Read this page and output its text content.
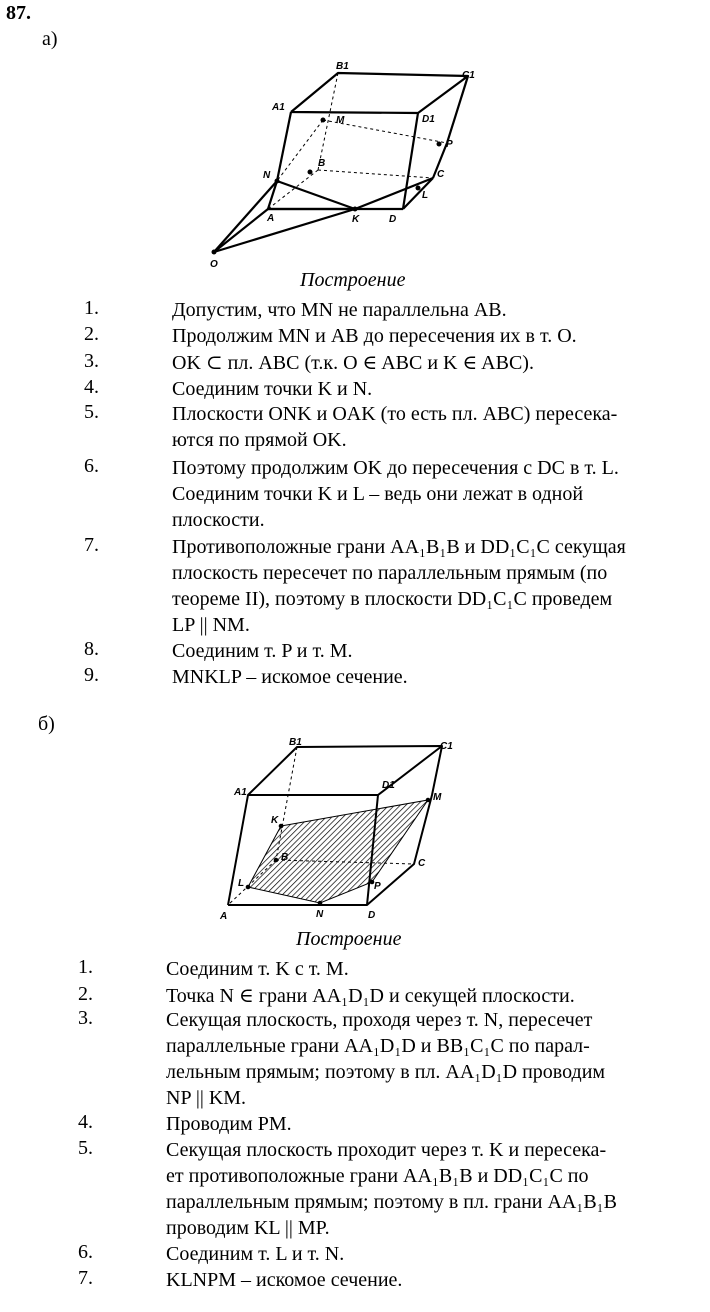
87.
а)
B1
C1
A1
D1
M
P
B
N	C
L
A	K	D
O
Построение
1.	Допустим, что MN не параллельна AB.
2.	Продолжим MN и AB до пересечения их в т. O.
3.	OK ⊂ пл. ABC (т.к. O ∈ ABC и K ∈ ABC).
4.	Соединим точки K и N.
5.	Плоскости ONK и OAK (то есть пл. ABC) пересека-
ются по прямой OK.
6.	Поэтому продолжим OK до пересечения с DC в т. L.
Соединим точки K и L – ведь они лежат в одной
плоскости.
7.	Противоположные грани AA₁B₁B и DD₁C₁C секущая
плоскость пересечет по параллельным прямым (по
теореме II), поэтому в плоскости DD₁C₁C проведем
LP || NM.
8.	Соединим т. P и т. M.
9.	MNKLP – искомое сечение.
б)
B1	C1
A1
D1
M
K
B
C
L	P
A	N	D
Построение
1.	Соединим т. K с т. M.
2.	Точка N ∈ грани AA₁D₁D и секущей плоскости.
3.	Секущая плоскость, проходя через т. N, пересечет
параллельные грани AA₁D₁D и BB₁C₁C по парал-
лельным прямым; поэтому в пл. AA₁D₁D проводим
NP || KM.
4.	Проводим PM.
5.	Секущая плоскость проходит через т. K и пересека-
ет противоположные грани AA₁B₁B и DD₁C₁C по
параллельным прямым; поэтому в пл. грани AA₁B₁B
проводим KL || MP.
6.	Соединим т. L и т. N.
7.	KLNPM – искомое сечение.
